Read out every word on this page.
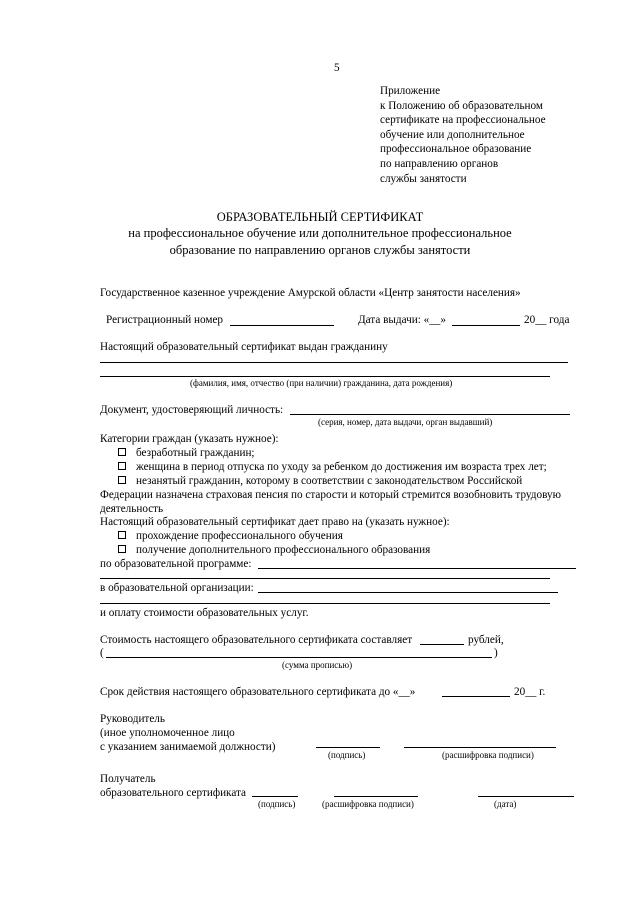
5
Приложение
к Положению об образовательном
сертификате на профессиональное
обучение или дополнительное
профессиональное образование
по направлению органов
службы занятости
ОБРАЗОВАТЕЛЬНЫЙ СЕРТИФИКАТ
на профессиональное обучение или дополнительное профессиональное
образование по направлению органов службы занятости
Государственное казенное учреждение Амурской области «Центр занятости населения»
Регистрационный номер	Дата выдачи: «__»	20__ года
Настоящий образовательный сертификат выдан гражданину
(фамилия, имя, отчество (при наличии) гражданина, дата рождения)
Документ, удостоверяющий личность:
(серия, номер, дата выдачи, орган выдавший)
Категории граждан (указать нужное):
безработный гражданин;
женщина в период отпуска по уходу за ребенком до достижения им возраста трех лет;
незанятый гражданин, которому в соответствии с законодательством Российской
Федерации назначена страховая пенсия по старости и который стремится возобновить трудовую
деятельность
Настоящий образовательный сертификат дает право на (указать нужное):
прохождение профессионального обучения
получение дополнительного профессионального образования
по образовательной программе:
в образовательной организации:
и оплату стоимости образовательных услуг.
Стоимость настоящего образовательного сертификата составляет	рублей,
(	)
(сумма прописью)
Срок действия настоящего образовательного сертификата до «__»	20__ г.
Руководитель
(иное уполномоченное лицо
с указанием занимаемой должности)
(подпись)	(расшифровка подписи)
Получатель
образовательного сертификата
(подпись)	(расшифровка подписи)	(дата)
